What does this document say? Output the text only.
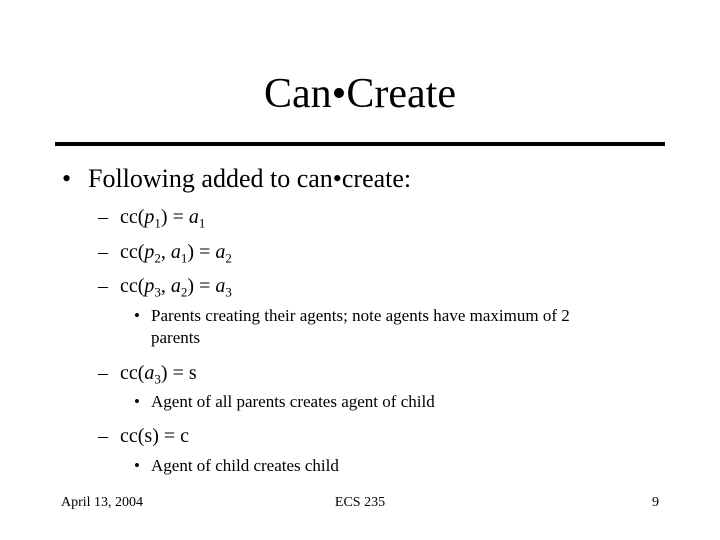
Can•Create
• Following added to can•create:
– $cc(p_1) = a_1$
– $cc(p_2$, $a_1) = a_2$
– $cc(p_3$, $a_2) = a_3$
• Parents creating their agents; note agents have maximum of 2
parents
– $cc(a_3) = s$
• Agent of all parents creates agent of child
– cc(s) = c
• Agent of child creates child
April 13, 2004	ECS 235	9
